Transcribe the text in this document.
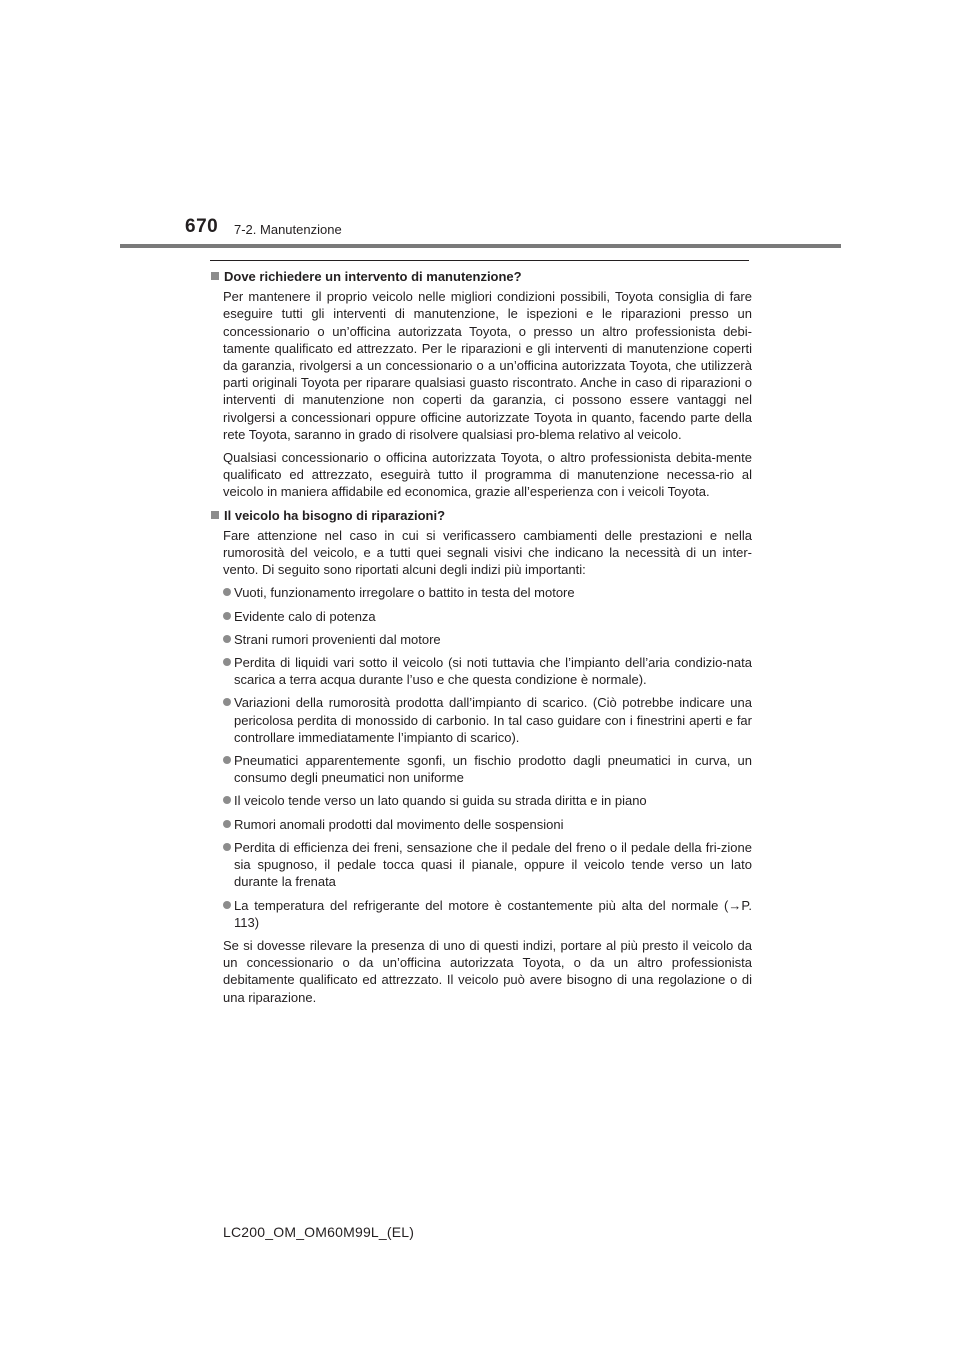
670 7-2. Manutenzione
Dove richiedere un intervento di manutenzione?

Per mantenere il proprio veicolo nelle migliori condizioni possibili, Toyota consiglia di fare eseguire tutti gli interventi di manutenzione, le ispezioni e le riparazioni presso un concessionario o un’officina autorizzata Toyota, o presso un altro professionista debi-tamente qualificato ed attrezzato. Per le riparazioni e gli interventi di manutenzione coperti da garanzia, rivolgersi a un concessionario o a un’officina autorizzata Toyota, che utilizzerà parti originali Toyota per riparare qualsiasi guasto riscontrato. Anche in caso di riparazioni o interventi di manutenzione non coperti da garanzia, ci possono essere vantaggi nel rivolgersi a concessionari oppure officine autorizzate Toyota in quanto, facendo parte della rete Toyota, saranno in grado di risolvere qualsiasi pro-blema relativo al veicolo.

Qualsiasi concessionario o officina autorizzata Toyota, o altro professionista debita-mente qualificato ed attrezzato, eseguirà tutto il programma di manutenzione necessa-rio al veicolo in maniera affidabile ed economica, grazie all’esperienza con i veicoli Toyota.

Il veicolo ha bisogno di riparazioni?

Fare attenzione nel caso in cui si verificassero cambiamenti delle prestazioni e nella rumorosità del veicolo, e a tutti quei segnali visivi che indicano la necessità di un inter-vento. Di seguito sono riportati alcuni degli indizi più importanti:

Vuoti, funzionamento irregolare o battito in testa del motore
Evidente calo di potenza
Strani rumori provenienti dal motore
Perdita di liquidi vari sotto il veicolo (si noti tuttavia che l’impianto dell’aria condizio-nata scarica a terra acqua durante l’uso e che questa condizione è normale).
Variazioni della rumorosità prodotta dall’impianto di scarico. (Ciò potrebbe indicare una pericolosa perdita di monossido di carbonio. In tal caso guidare con i finestrini aperti e far controllare immediatamente l’impianto di scarico).
Pneumatici apparentemente sgonfi, un fischio prodotto dagli pneumatici in curva, un consumo degli pneumatici non uniforme
Il veicolo tende verso un lato quando si guida su strada diritta e in piano
Rumori anomali prodotti dal movimento delle sospensioni
Perdita di efficienza dei freni, sensazione che il pedale del freno o il pedale della fri-zione sia spugnoso, il pedale tocca quasi il pianale, oppure il veicolo tende verso un lato durante la frenata
La temperatura del refrigerante del motore è costantemente più alta del normale (→P. 113)

Se si dovesse rilevare la presenza di uno di questi indizi, portare al più presto il veicolo da un concessionario o da un’officina autorizzata Toyota, o da un altro professionista debitamente qualificato ed attrezzato. Il veicolo può avere bisogno di una regolazione o di una riparazione.

LC200_OM_OM60M99L_(EL)
